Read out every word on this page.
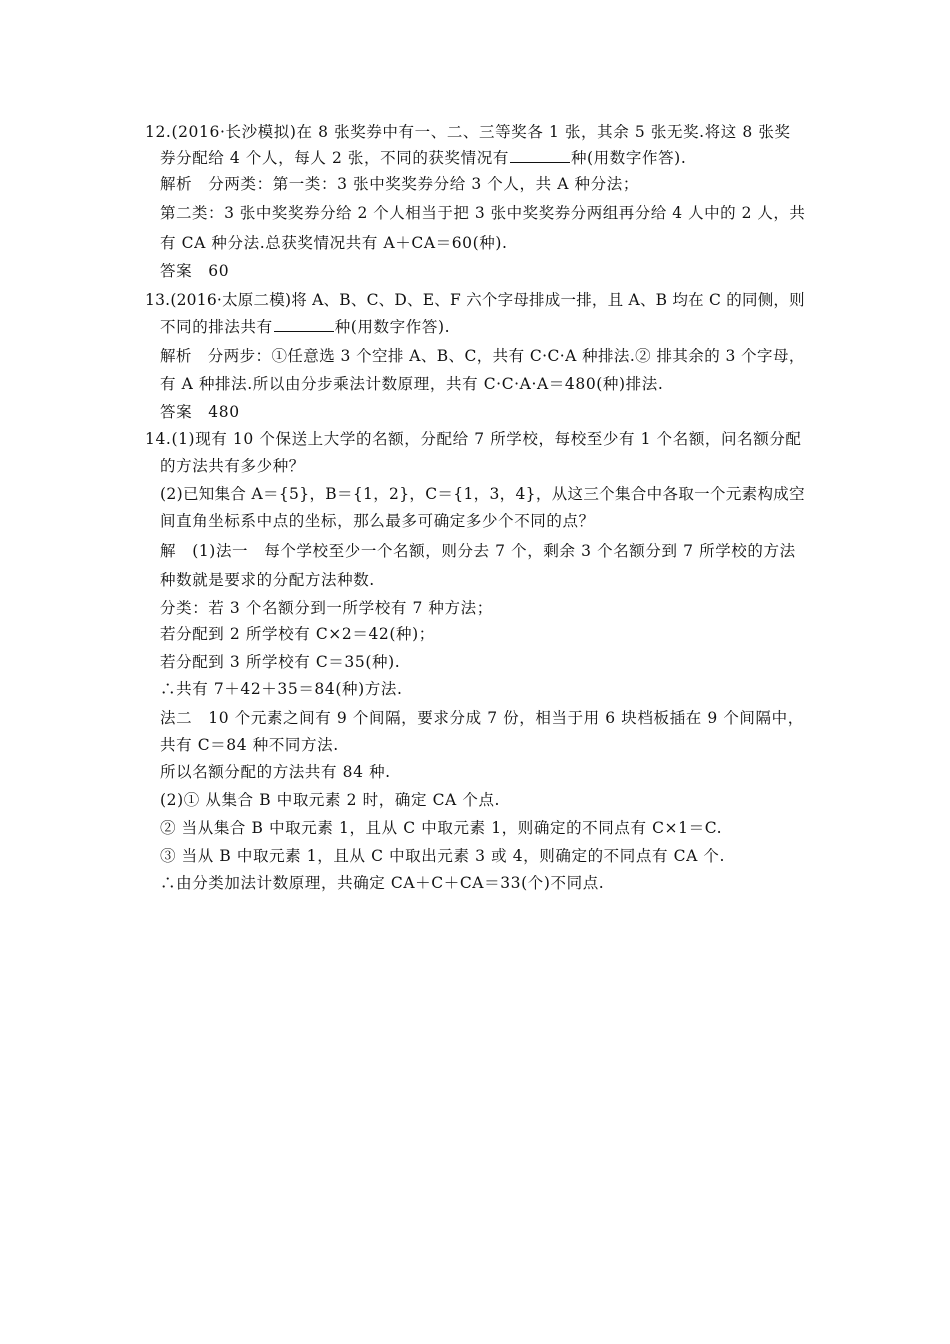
12.(2016·长沙模拟)在 8 张奖券中有一、二、三等奖各 1 张，其余 5 张无奖.将这 8 张奖
券分配给 4 个人，每人 2 张，不同的获奖情况有	种(用数字作答).
解析　分两类：第一类：3 张中奖奖券分给 3 个人，共 A 种分法；
第二类：3 张中奖奖券分给 2 个人相当于把 3 张中奖奖券分两组再分给 4 人中的 2 人，共
有 CA 种分法.总获奖情况共有 A＋CA＝60(种).
答案　60
13.(2016·太原二模)将 A、B、C、D、E、F 六个字母排成一排，且 A、B 均在 C 的同侧，则
不同的排法共有	种(用数字作答).
解析　分两步：①任意选 3 个空排 A、B、C，共有 C·C·A 种排法.② 排其余的 3 个字母，
有 A 种排法.所以由分步乘法计数原理，共有 C·C·A·A＝480(种)排法.
答案　480
14.(1)现有 10 个保送上大学的名额，分配给 7 所学校，每校至少有 1 个名额，问名额分配
的方法共有多少种？
(2)已知集合 A＝{5}，B＝{1，2}，C＝{1，3，4}，从这三个集合中各取一个元素构成空
间直角坐标系中点的坐标，那么最多可确定多少个不同的点？
解　(1)法一　每个学校至少一个名额，则分去 7 个，剩余 3 个名额分到 7 所学校的方法
种数就是要求的分配方法种数.
分类：若 3 个名额分到一所学校有 7 种方法；
若分配到 2 所学校有 C×2＝42(种)；
若分配到 3 所学校有 C＝35(种).
∴共有 7＋42＋35＝84(种)方法.
法二　10 个元素之间有 9 个间隔，要求分成 7 份，相当于用 6 块档板插在 9 个间隔中，
共有 C＝84 种不同方法.
所以名额分配的方法共有 84 种.
(2)① 从集合 B 中取元素 2 时，确定 CA 个点.
② 当从集合 B 中取元素 1，且从 C 中取元素 1，则确定的不同点有 C×1＝C.
③ 当从 B 中取元素 1，且从 C 中取出元素 3 或 4，则确定的不同点有 CA 个.
∴由分类加法计数原理，共确定 CA＋C＋CA＝33(个)不同点.
